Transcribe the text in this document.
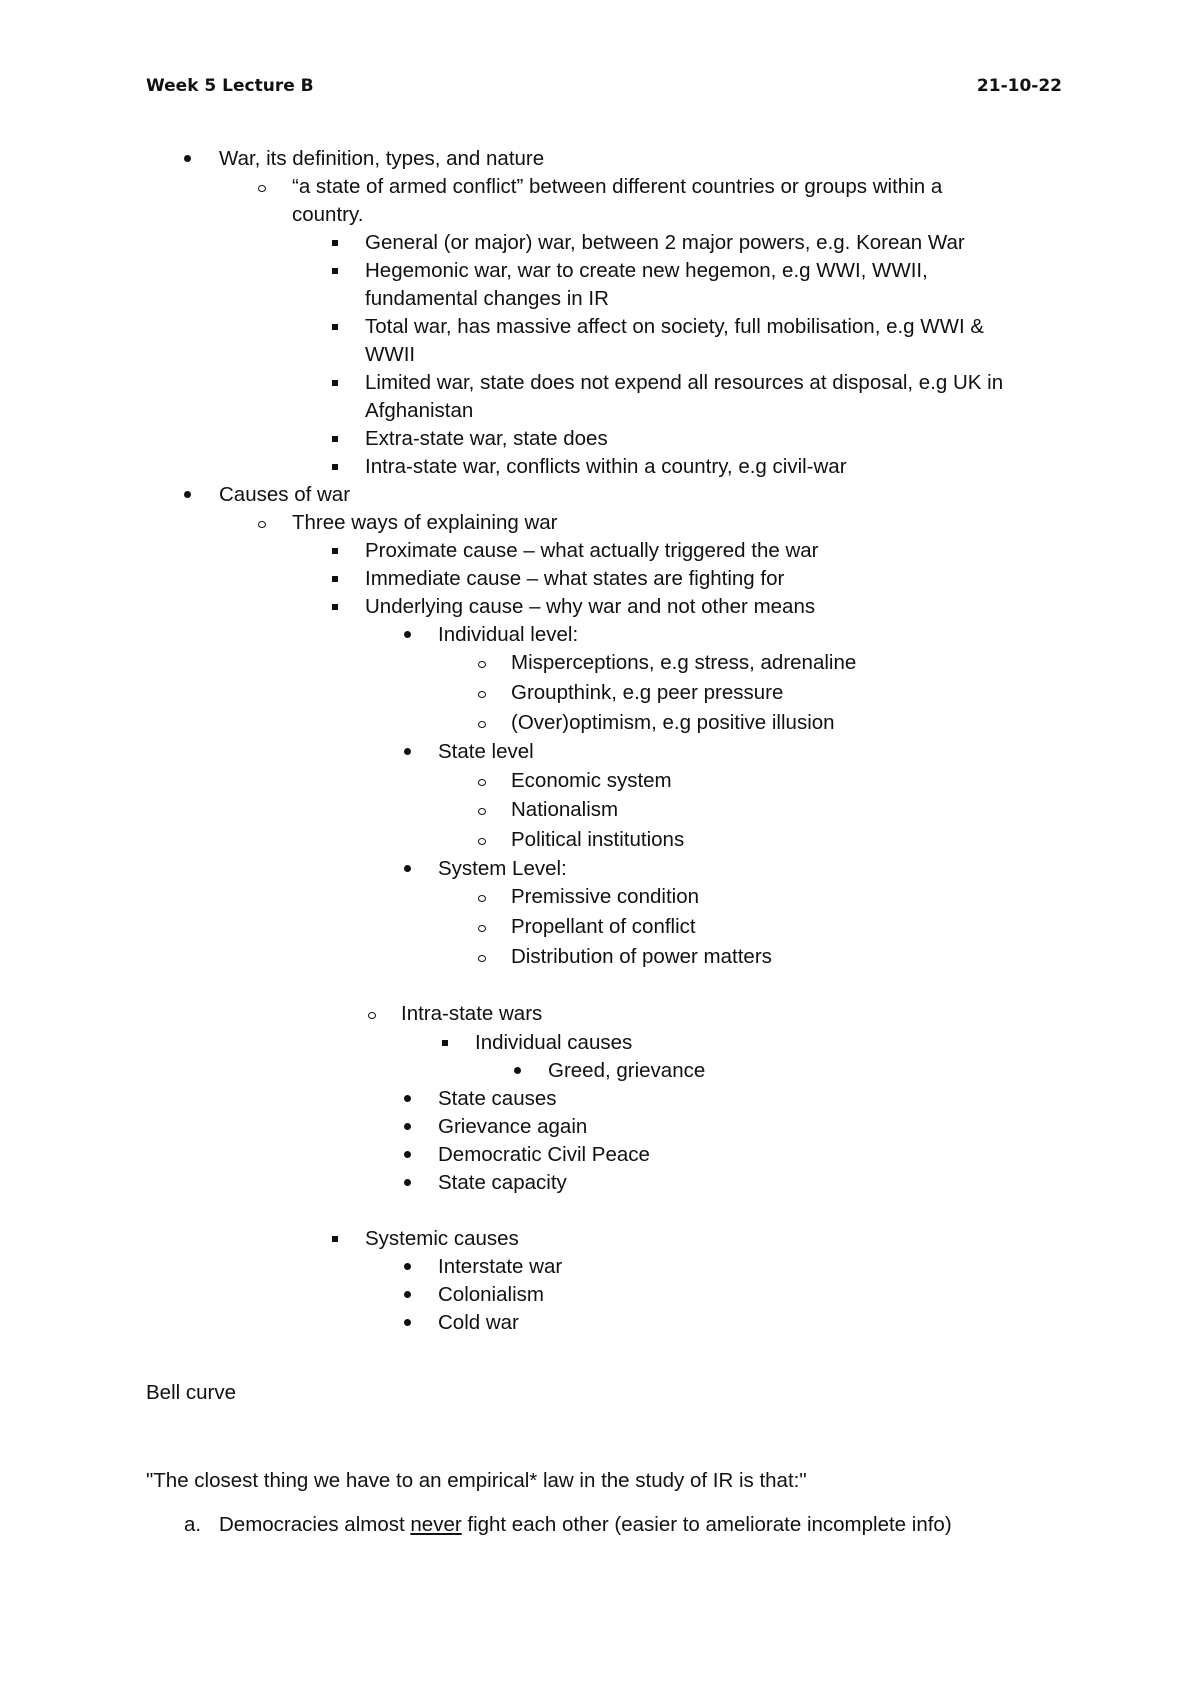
Week 5 Lecture B	21-10-22
War, its definition, types, and nature
“a state of armed conflict” between different countries or groups within a
country.
General (or major) war, between 2 major powers, e.g. Korean War
Hegemonic war, war to create new hegemon, e.g WWI, WWII,
fundamental changes in IR
Total war, has massive affect on society, full mobilisation, e.g WWI &
WWII
Limited war, state does not expend all resources at disposal, e.g UK in
Afghanistan
Extra-state war, state does
Intra-state war, conflicts within a country, e.g civil-war
Causes of war
Three ways of explaining war
Proximate cause – what actually triggered the war
Immediate cause – what states are fighting for
Underlying cause – why war and not other means
Individual level:
Misperceptions, e.g stress, adrenaline
Groupthink, e.g peer pressure
(Over)optimism, e.g positive illusion
State level
Economic system
Nationalism
Political institutions
System Level:
Premissive condition
Propellant of conflict
Distribution of power matters
Intra-state wars
Individual causes
Greed, grievance
State causes
Grievance again
Democratic Civil Peace
State capacity
Systemic causes
Interstate war
Colonialism
Cold war
Bell curve
"The closest thing we have to an empirical* law in the study of IR is that:"
a. Democracies almost never fight each other (easier to ameliorate incomplete info)
